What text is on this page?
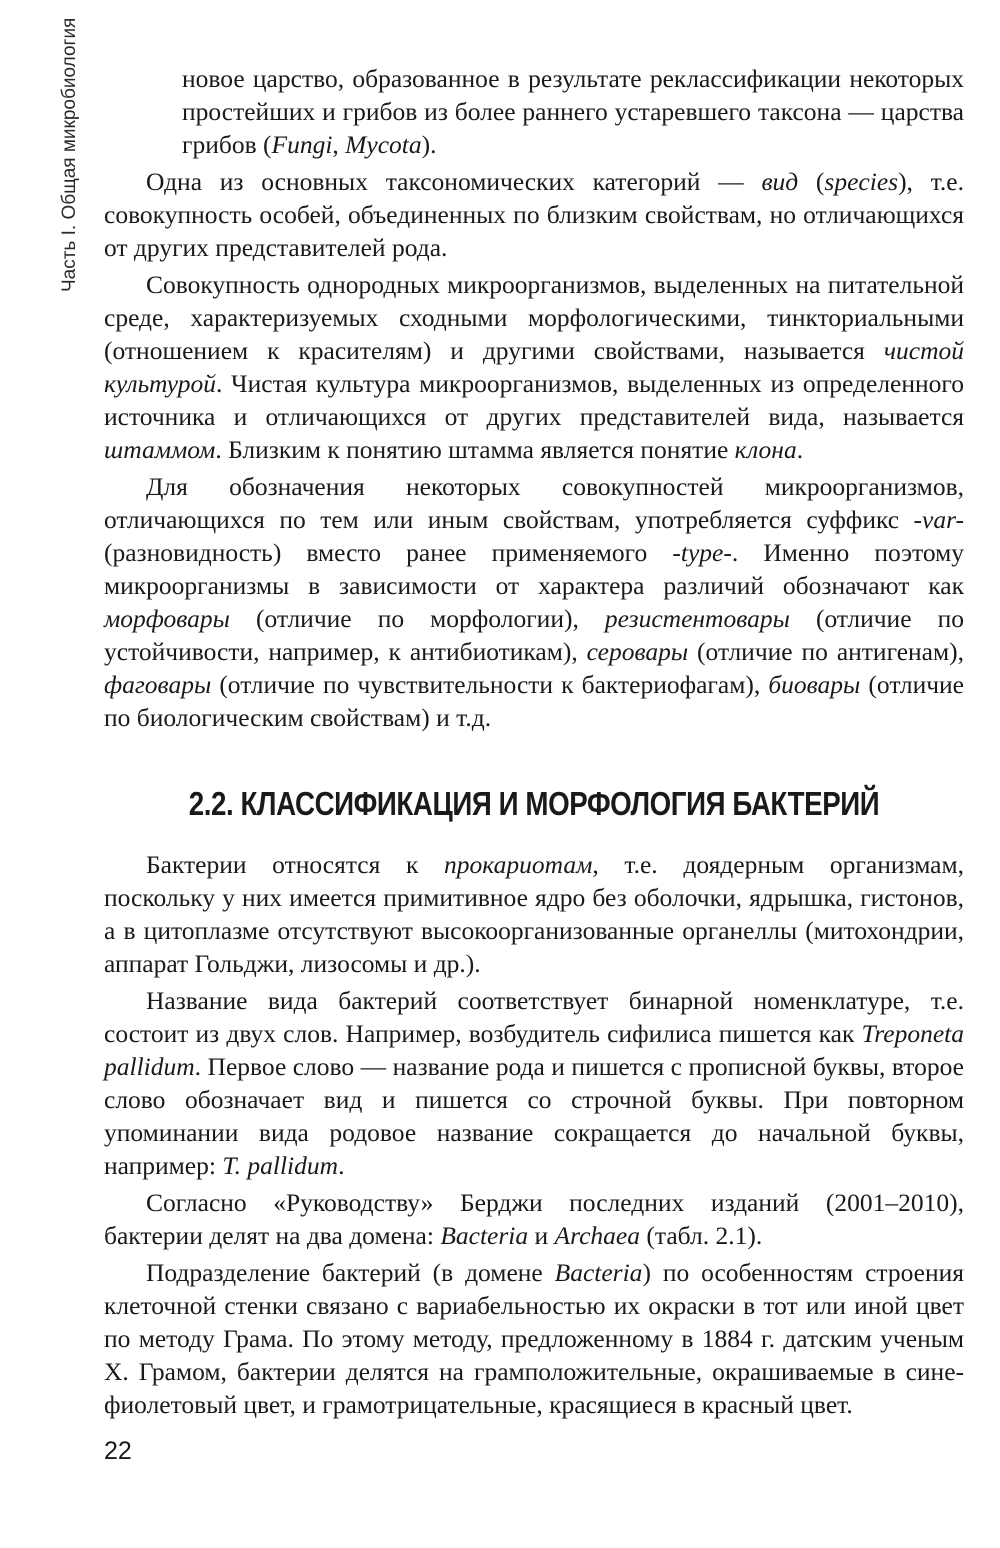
Часть I. Общая микробиология	новое царство, образованное в результате реклассификации некоторых простейших и грибов из более раннего устаревшего таксона — царства грибов (Fungi, Mycota).

Одна из основных таксономических категорий — вид (species), т.е. совокупность особей, объединенных по близким свойствам, но отличающихся от других представителей рода.

Совокупность однородных микроорганизмов, выделенных на питательной среде, характеризуемых сходными морфологическими, тинкториальными (отношением к красителям) и другими свойствами, называется чистой культурой. Чистая культура микроорганизмов, выделенных из определенного источника и отличающихся от других представителей вида, называется штаммом. Близким к понятию штамма является понятие клона.

Для обозначения некоторых совокупностей микроорганизмов, отличающихся по тем или иным свойствам, употребляется суффикс -var- (разновидность) вместо ранее применяемого -type-. Именно поэтому микроорганизмы в зависимости от характера различий обозначают как морфовары (отличие по морфологии), резистентовары (отличие по устойчивости, например, к антибиотикам), серовары (отличие по антигенам), фаговары (отличие по чувствительности к бактериофагам), биовары (отличие по биологическим свойствам) и т.д.

2.2. КЛАССИФИКАЦИЯ И МОРФОЛОГИЯ БАКТЕРИЙ

Бактерии относятся к прокариотам, т.е. доядерным организмам, поскольку у них имеется примитивное ядро без оболочки, ядрышка, гистонов, а в цитоплазме отсутствуют высокоорганизованные органеллы (митохондрии, аппарат Гольджи, лизосомы и др.).

Название вида бактерий соответствует бинарной номенклатуре, т.е. состоит из двух слов. Например, возбудитель сифилиса пишется как Treponeta pallidum. Первое слово — название рода и пишется с прописной буквы, второе слово обозначает вид и пишется со строчной буквы. При повторном упоминании вида родовое название сокращается до начальной буквы, например: T. pallidum.

Согласно «Руководству» Берджи последних изданий (2001–2010), бактерии делят на два домена: Bacteria и Archaea (табл. 2.1).

Подразделение бактерий (в домене Bacteria) по особенностям строения клеточной стенки связано с вариабельностью их окраски в тот или иной цвет по методу Грама. По этому методу, предложенному в 1884 г. датским ученым Х. Грамом, бактерии делятся на грамположительные, окрашиваемые в сине-фиолетовый цвет, и грамотрицательные, красящиеся в красный цвет.

22
